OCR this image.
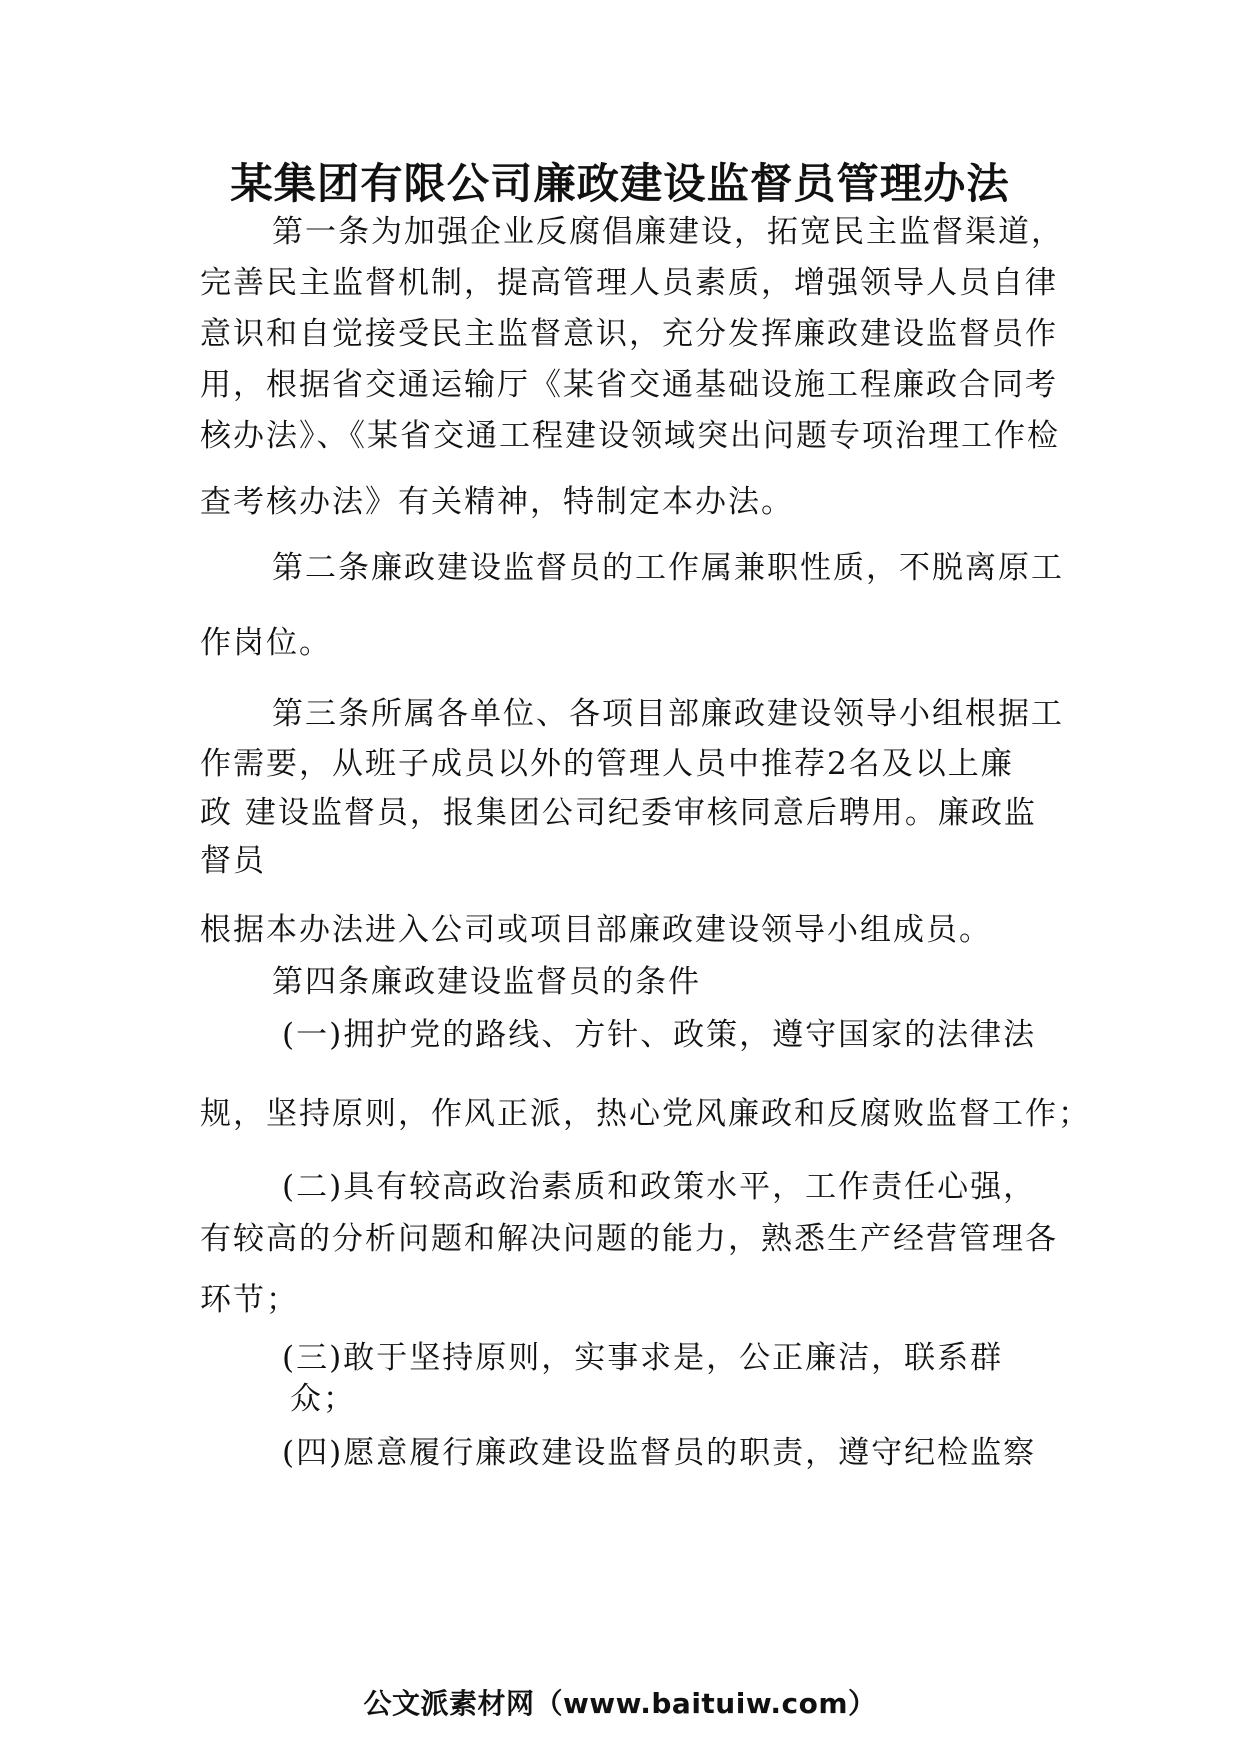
某集团有限公司廉政建设监督员管理办法

第一条为加强企业反腐倡廉建设，拓宽民主监督渠道，

完善民主监督机制，提高管理人员素质，增强领导人员自律

意识和自觉接受民主监督意识，充分发挥廉政建设监督员作

用，根据省交通运输厅《某省交通基础设施工程廉政合同考

核办法》、《某省交通工程建设领域突出问题专项治理工作检

查考核办法》有关精神，特制定本办法。

第二条廉政建设监督员的工作属兼职性质，不脱离原工

作岗位。

第三条所属各单位、各项目部廉政建设领导小组根据工

作需要，从班子成员以外的管理人员中推荐2名及以上廉

政 建设监督员，报集团公司纪委审核同意后聘用。廉政监

督员

根据本办法进入公司或项目部廉政建设领导小组成员。

第四条廉政建设监督员的条件

(一)拥护党的路线、方针、政策，遵守国家的法律法

规，坚持原则，作风正派，热心党风廉政和反腐败监督工作；

(二)具有较高政治素质和政策水平，工作责任心强，

有较高的分析问题和解决问题的能力，熟悉生产经营管理各

环节；

(三)敢于坚持原则，实事求是，公正廉洁，联系群

众；

(四)愿意履行廉政建设监督员的职责，遵守纪检监察

公文派素材网（www.baituiw.com）
